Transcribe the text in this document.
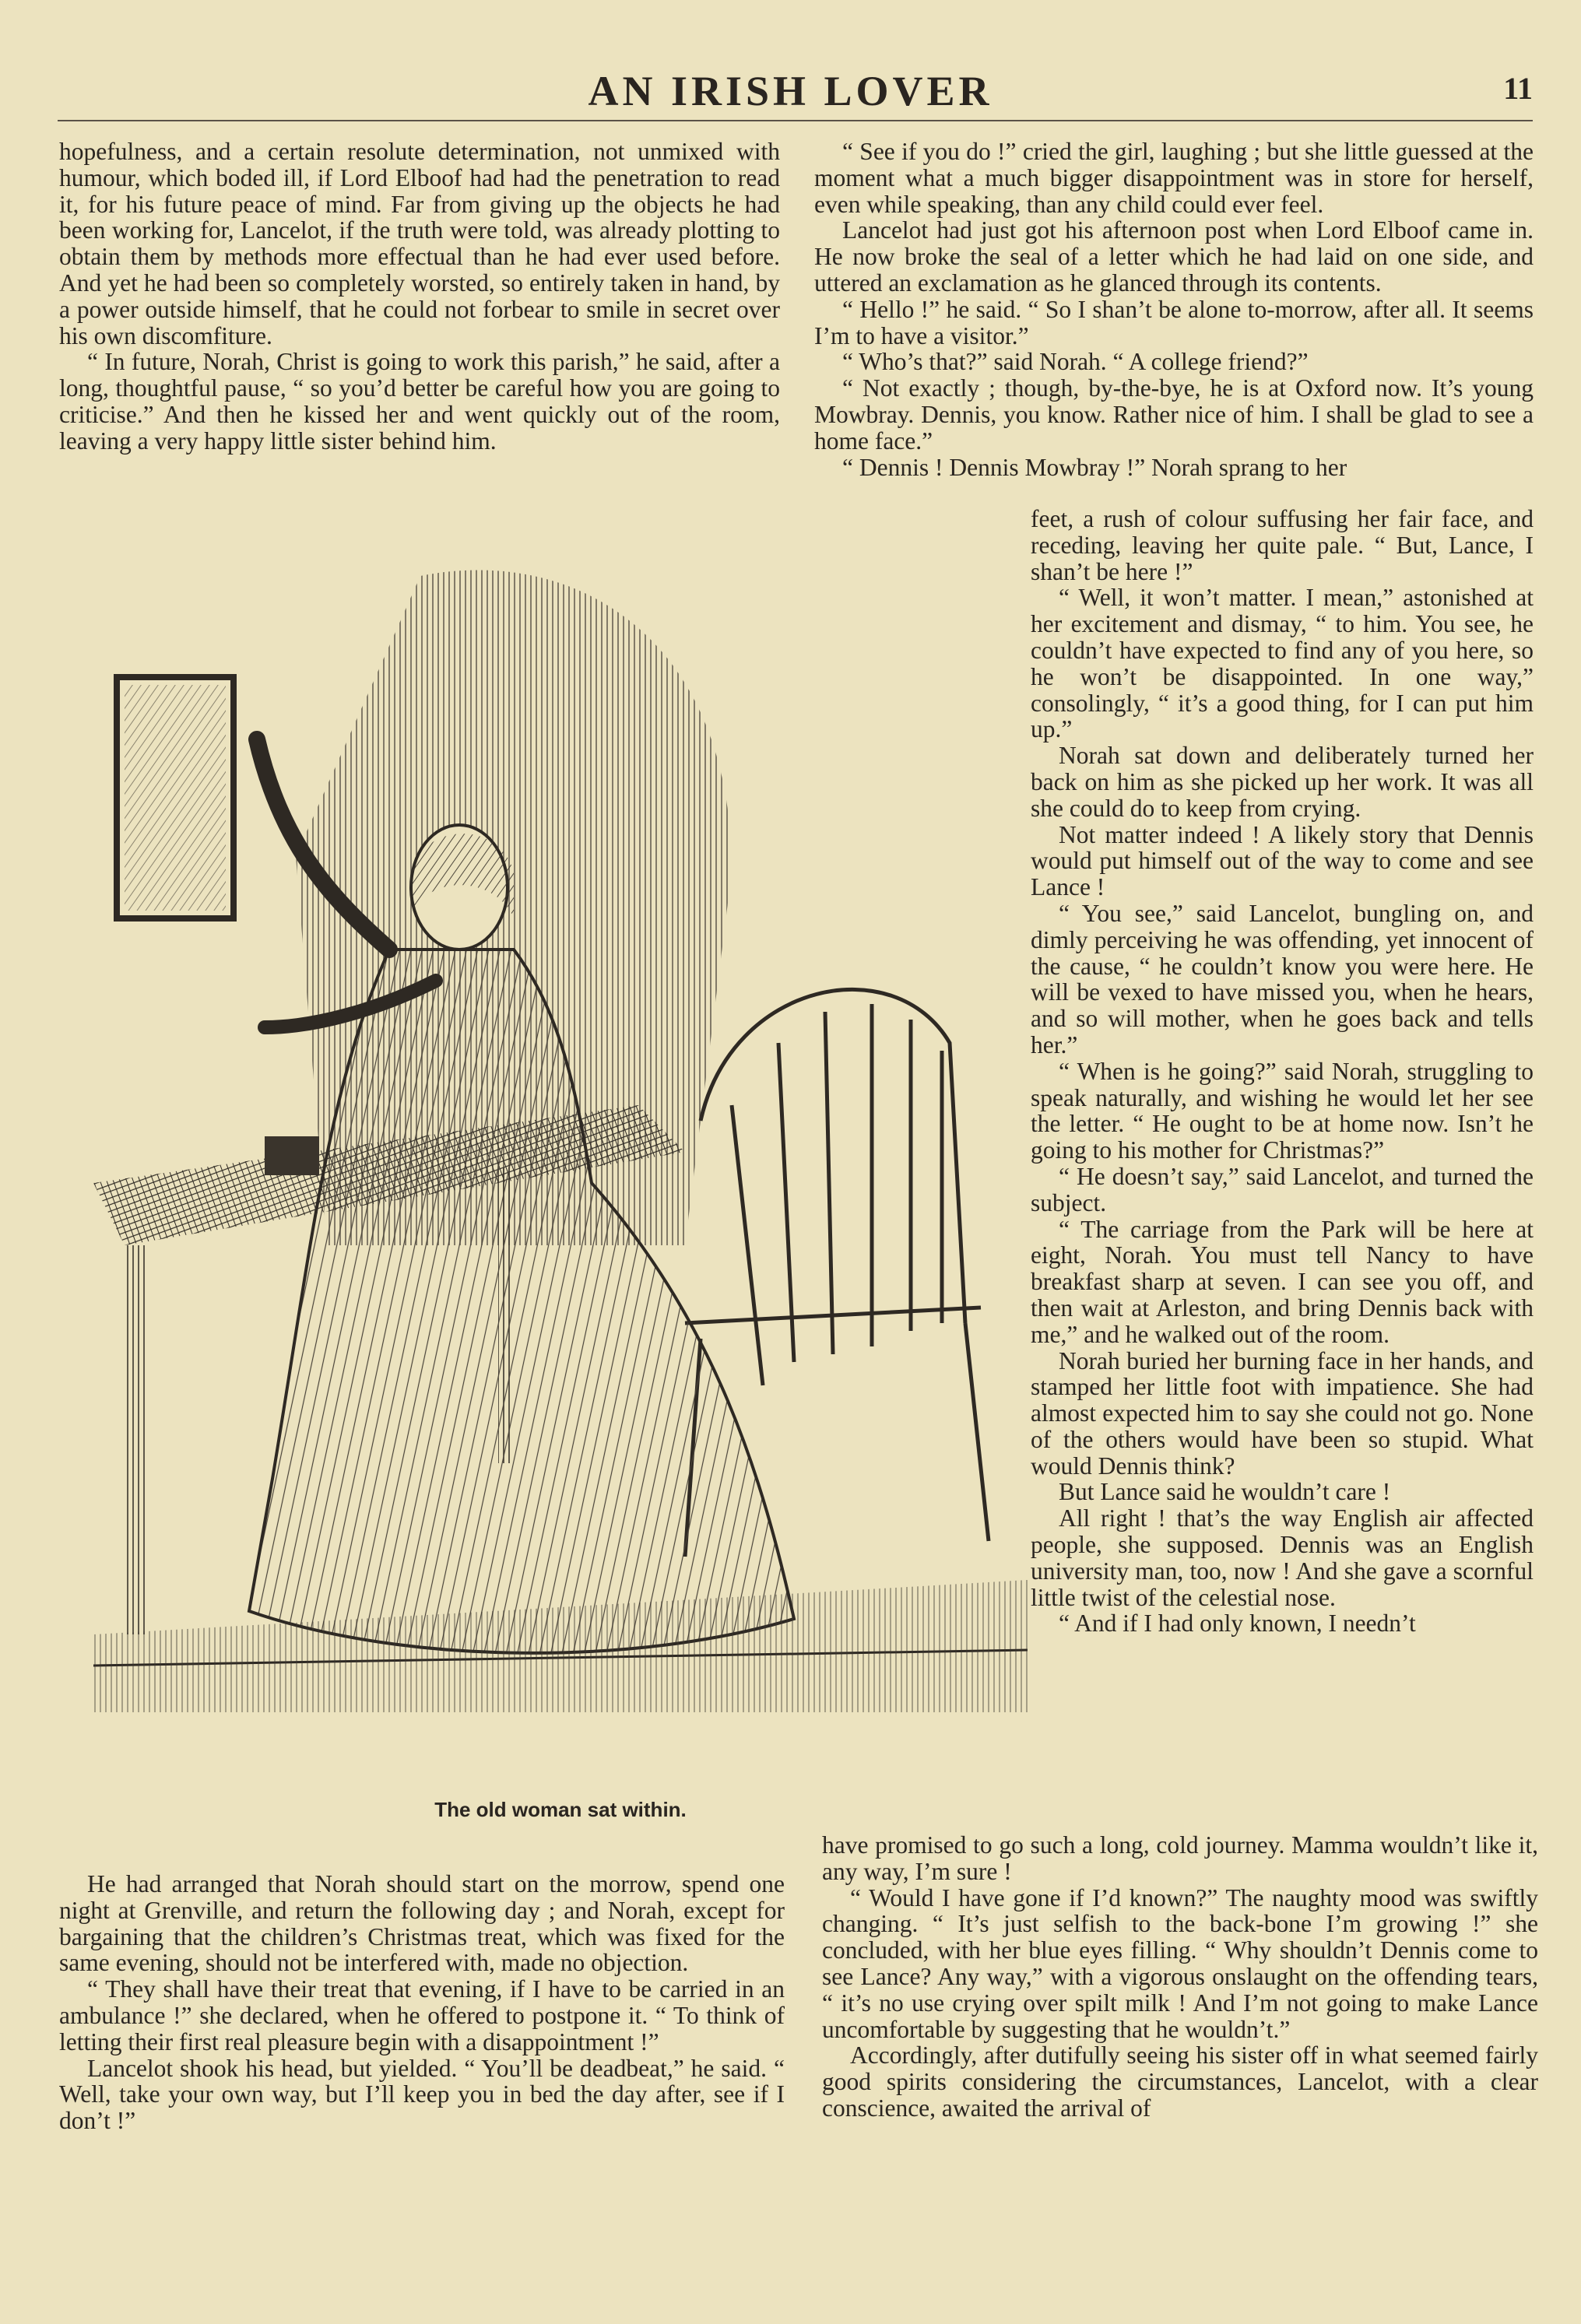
AN IRISH LOVER	11

hopefulness, and a certain resolute determination, not unmixed with humour, which boded ill, if Lord Elboof had had the penetration to read it, for his future peace of mind. Far from giving up the objects he had been working for, Lancelot, if the truth were told, was already plotting to obtain them by methods more effectual than he had ever used before. And yet he had been so completely worsted, so entirely taken in hand, by a power outside himself, that he could not forbear to smile in secret over his own discomfiture.

“ In future, Norah, Christ is going to work this parish,” he said, after a long, thoughtful pause, “ so you’d better be careful how you are going to criticise.” And then he kissed her and went quickly out of the room, leaving a very happy little sister behind him.

The old woman sat within.

He had arranged that Norah should start on the morrow, spend one night at Grenville, and return the following day ; and Norah, except for bargaining that the children’s Christmas treat, which was fixed for the same evening, should not be interfered with, made no objection.

“ They shall have their treat that evening, if I have to be carried in an ambulance !” she declared, when he offered to postpone it. “ To think of letting their first real pleasure begin with a disappointment !”

Lancelot shook his head, but yielded. “ You’ll be deadbeat,” he said. “ Well, take your own way, but I’ll keep you in bed the day after, see if I don’t !”

“ See if you do !” cried the girl, laughing ; but she little guessed at the moment what a much bigger disappointment was in store for herself, even while speaking, than any child could ever feel.

Lancelot had just got his afternoon post when Lord Elboof came in. He now broke the seal of a letter which he had laid on one side, and uttered an exclamation as he glanced through its contents.

“ Hello !” he said. “ So I shan’t be alone to-morrow, after all. It seems I’m to have a visitor.”

“ Who’s that?” said Norah. “ A college friend?”

“ Not exactly ; though, by-the-bye, he is at Oxford now. It’s young Mowbray. Dennis, you know. Rather nice of him. I shall be glad to see a home face.”

“ Dennis ! Dennis Mowbray !” Norah sprang to her

feet, a rush of colour suffusing her fair face, and receding, leaving her quite pale. “ But, Lance, I shan’t be here !”

“ Well, it won’t matter. I mean,” astonished at her excitement and dismay, “ to him. You see, he couldn’t have expected to find any of you here, so he won’t be disappointed. In one way,” consolingly, “ it’s a good thing, for I can put him up.”

Norah sat down and deliberately turned her back on him as she picked up her work. It was all she could do to keep from crying.

Not matter indeed ! A likely story that Dennis would put himself out of the way to come and see Lance !

“ You see,” said Lancelot, bungling on, and dimly perceiving he was offending, yet innocent of the cause, “ he couldn’t know you were here. He will be vexed to have missed you, when he hears, and so will mother, when he goes back and tells her.”

“ When is he going?” said Norah, struggling to speak naturally, and wishing he would let her see the letter. “ He ought to be at home now. Isn’t he going to his mother for Christmas?”

“ He doesn’t say,” said Lancelot, and turned the subject.

“ The carriage from the Park will be here at eight, Norah. You must tell Nancy to have breakfast sharp at seven. I can see you off, and then wait at Arleston, and bring Dennis back with me,” and he walked out of the room.

Norah buried her burning face in her hands, and stamped her little foot with impatience. She had almost expected him to say she could not go. None of the others would have been so stupid. What would Dennis think?

But Lance said he wouldn’t care !

All right ! that’s the way English air affected people, she supposed. Dennis was an English university man, too, now ! And she gave a scornful little twist of the celestial nose.

“ And if I had only known, I needn’t

have promised to go such a long, cold journey. Mamma wouldn’t like it, any way, I’m sure !

“ Would I have gone if I’d known?” The naughty mood was swiftly changing. “ It’s just selfish to the back-bone I’m growing !” she concluded, with her blue eyes filling. “ Why shouldn’t Dennis come to see Lance? Any way,” with a vigorous onslaught on the offending tears, “ it’s no use crying over spilt milk ! And I’m not going to make Lance uncomfortable by suggesting that he wouldn’t.”

Accordingly, after dutifully seeing his sister off in what seemed fairly good spirits considering the circumstances, Lancelot, with a clear conscience, awaited the arrival of
